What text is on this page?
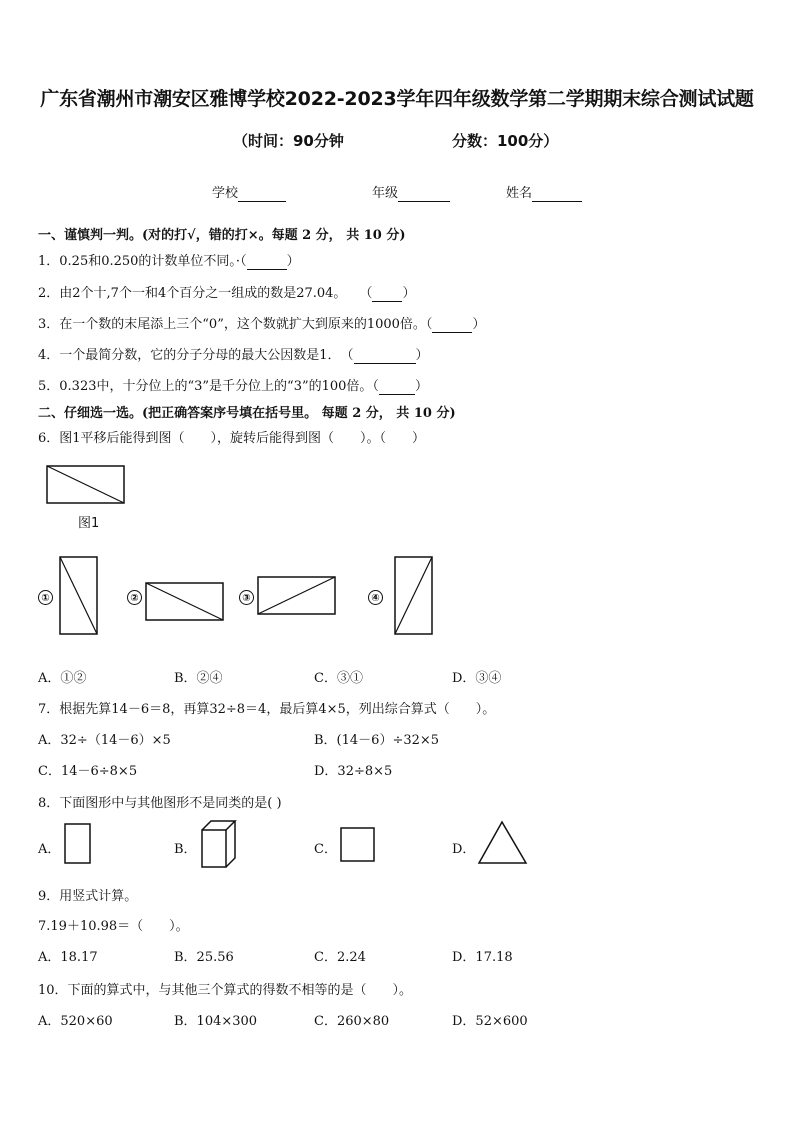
广东省潮州市潮安区雅博学校2022-2023学年四年级数学第二学期期末综合测试试题
（时间：90分钟	分数：100分）
学校	年级	姓名
一、谨慎判一判。(对的打√，错的打×。每题 2 分， 共 10 分)
1．0.25和0.250的计数单位不同。·（	）
2．由2个十,7个一和4个百分之一组成的数是27.04。　　（ ）
3．在一个数的末尾添上三个“0”，这个数就扩大到原来的1000倍。（	）
4．一个最简分数，它的分子分母的最大公因数是1．　（	）
5．0.323中，十分位上的“3”是千分位上的“3”的100倍。（	）
二、仔细选一选。(把正确答案序号填在括号里。 每题 2 分， 共 10 分)
6．图1平移后能得到图（　　），旋转后能得到图（　　）。（　　）
图1
①	②	③	④
A．①②	B．②④	C．③①	D．③④
7．根据先算14－6＝8，再算32÷8＝4，最后算4×5，列出综合算式（　　）。
A．32÷（14－6）×5	B．(14－6）÷32×5
C．14－6÷8×5	D．32÷8×5
8．下面图形中与其他图形不是同类的是( )
A．	B．	C．	D．
9．用竖式计算。
7.19＋10.98＝（　　）。
A．18.17	B．25.56	C．2.24	D．17.18
10．下面的算式中，与其他三个算式的得数不相等的是（　　）。
A．520×60	B．104×300	C．260×80	D．52×600
